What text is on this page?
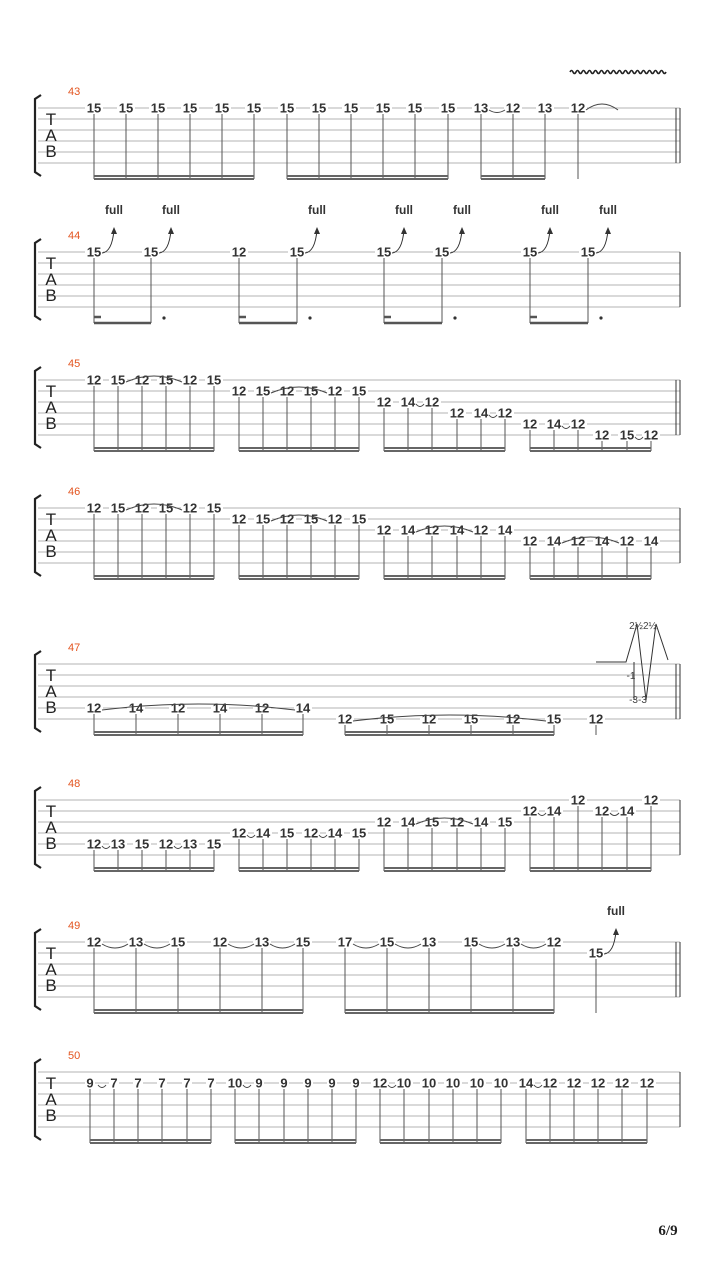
T
A
B
43
15 15 15 15 15 15 15 15 15 15 15 15 13 12 13 12
T
A
B
44
15
full
15
full
12	15
full
15
full
15
full
15
full
15
full
T
A
B
45
12 15 12 15 12 15
12 15 12 15 12 15
12 14 12
12 14 12
12 14 12
12 15 12
T
A
B
46
12 15 12 15 12 15
12 15 12 15 12 15
12 14 12 14 12 14
12 14 12 14 12 14
T
A
B
47
12 14 12 14 12 14
12 15 12 15 12 15 12
2½2½
-3-3
-1
T
A
B
48
12 13 15 12 13 15
12 14 15 12 14 15
12 14 15 12 14 15
12 14
12
12 14
12
T
A
B
49
12 13 15 12 13 15 17 15 13 15 13 12
15
full
T
A
B
50
9 7 7 7 7 7 10 9 9 9 9 9 12 10 10 10 10 10 14 12 12 12 12 12
6/9
